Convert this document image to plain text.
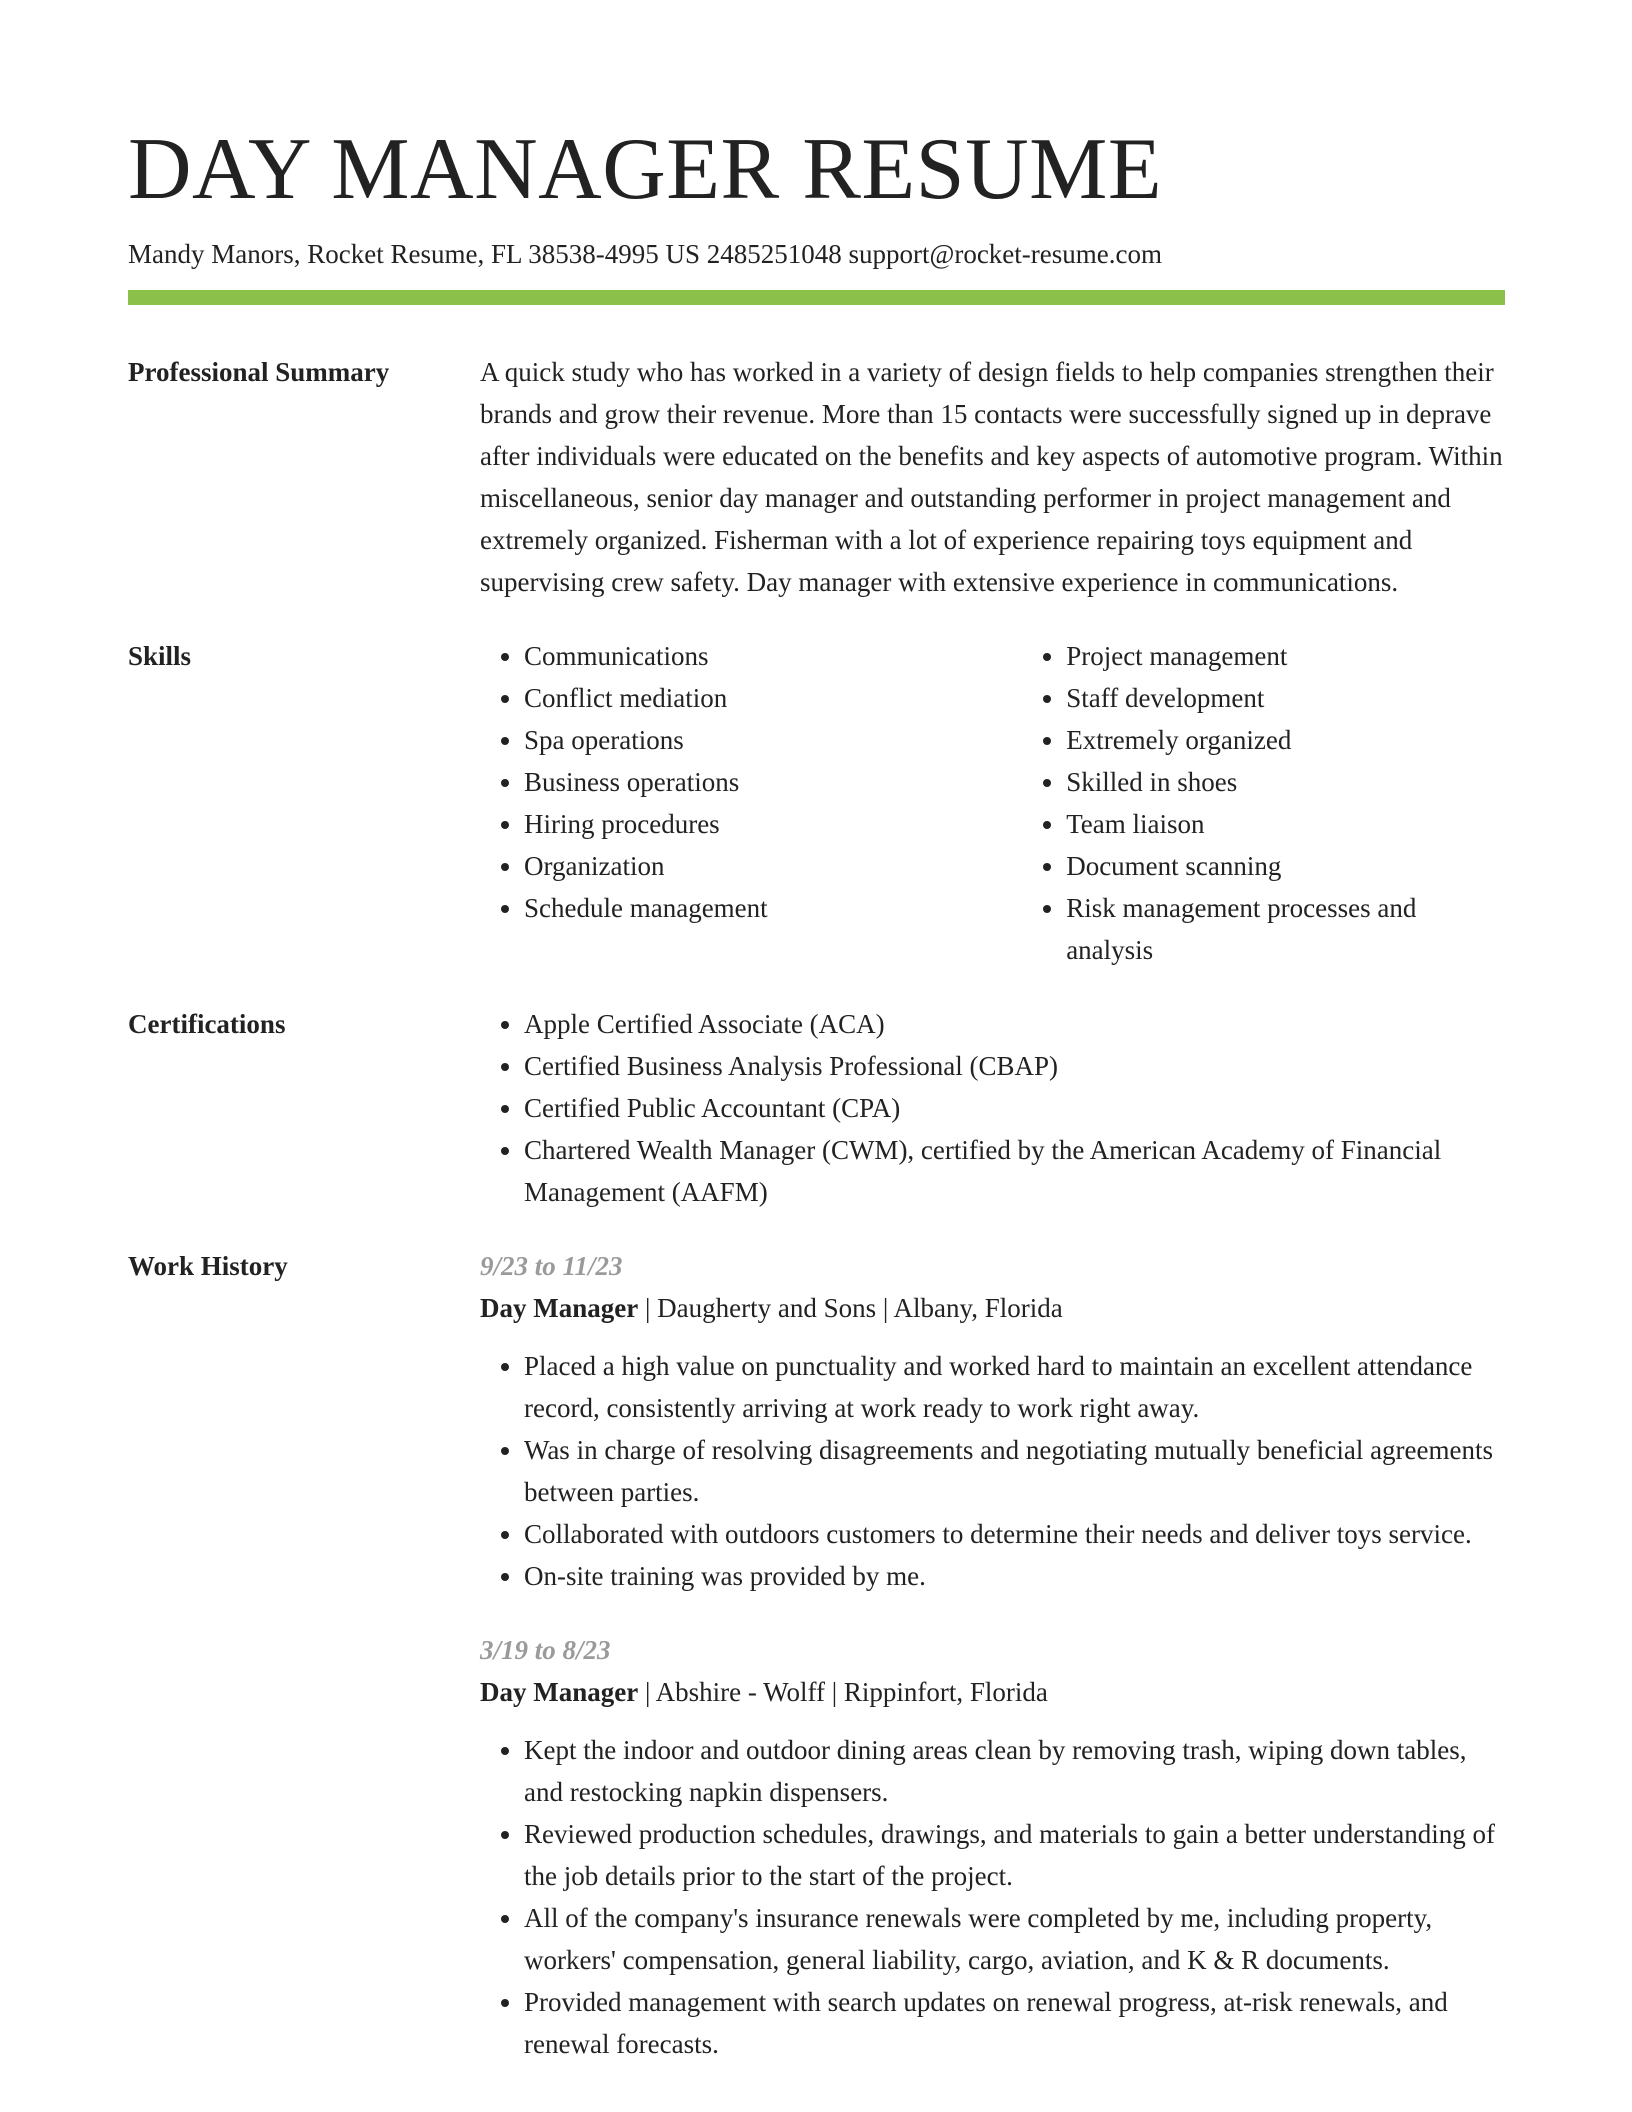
DAY MANAGER RESUME
Mandy Manors, Rocket Resume, FL 38538-4995 US 2485251048 support@rocket-resume.com
Professional Summary	A quick study who has worked in a variety of design fields to help companies strengthen their brands and grow their revenue. More than 15 contacts were successfully signed up in deprave after individuals were educated on the benefits and key aspects of automotive program. Within miscellaneous, senior day manager and outstanding performer in project management and extremely organized. Fisherman with a lot of experience repairing toys equipment and supervising crew safety. Day manager with extensive experience in communications.

Skills	• Communications
• Conflict mediation
• Spa operations
• Business operations
• Hiring procedures
• Organization
• Schedule management
• Project management
• Staff development
• Extremely organized
• Skilled in shoes
• Team liaison
• Document scanning
• Risk management processes and analysis
Certifications	• Apple Certified Associate (ACA)
• Certified Business Analysis Professional (CBAP)
• Certified Public Accountant (CPA)
• Chartered Wealth Manager (CWM), certified by the American Academy of Financial Management (AAFM)
Work History	9/23 to 11/23
Day Manager | Daugherty and Sons | Albany, Florida
• Placed a high value on punctuality and worked hard to maintain an excellent attendance record, consistently arriving at work ready to work right away.
• Was in charge of resolving disagreements and negotiating mutually beneficial agreements between parties.
• Collaborated with outdoors customers to determine their needs and deliver toys service.
• On-site training was provided by me.
3/19 to 8/23
Day Manager | Abshire - Wolff | Rippinfort, Florida
• Kept the indoor and outdoor dining areas clean by removing trash, wiping down tables, and restocking napkin dispensers.
• Reviewed production schedules, drawings, and materials to gain a better understanding of the job details prior to the start of the project.
• All of the company's insurance renewals were completed by me, including property, workers' compensation, general liability, cargo, aviation, and K & R documents.
• Provided management with search updates on renewal progress, at-risk renewals, and renewal forecasts.
